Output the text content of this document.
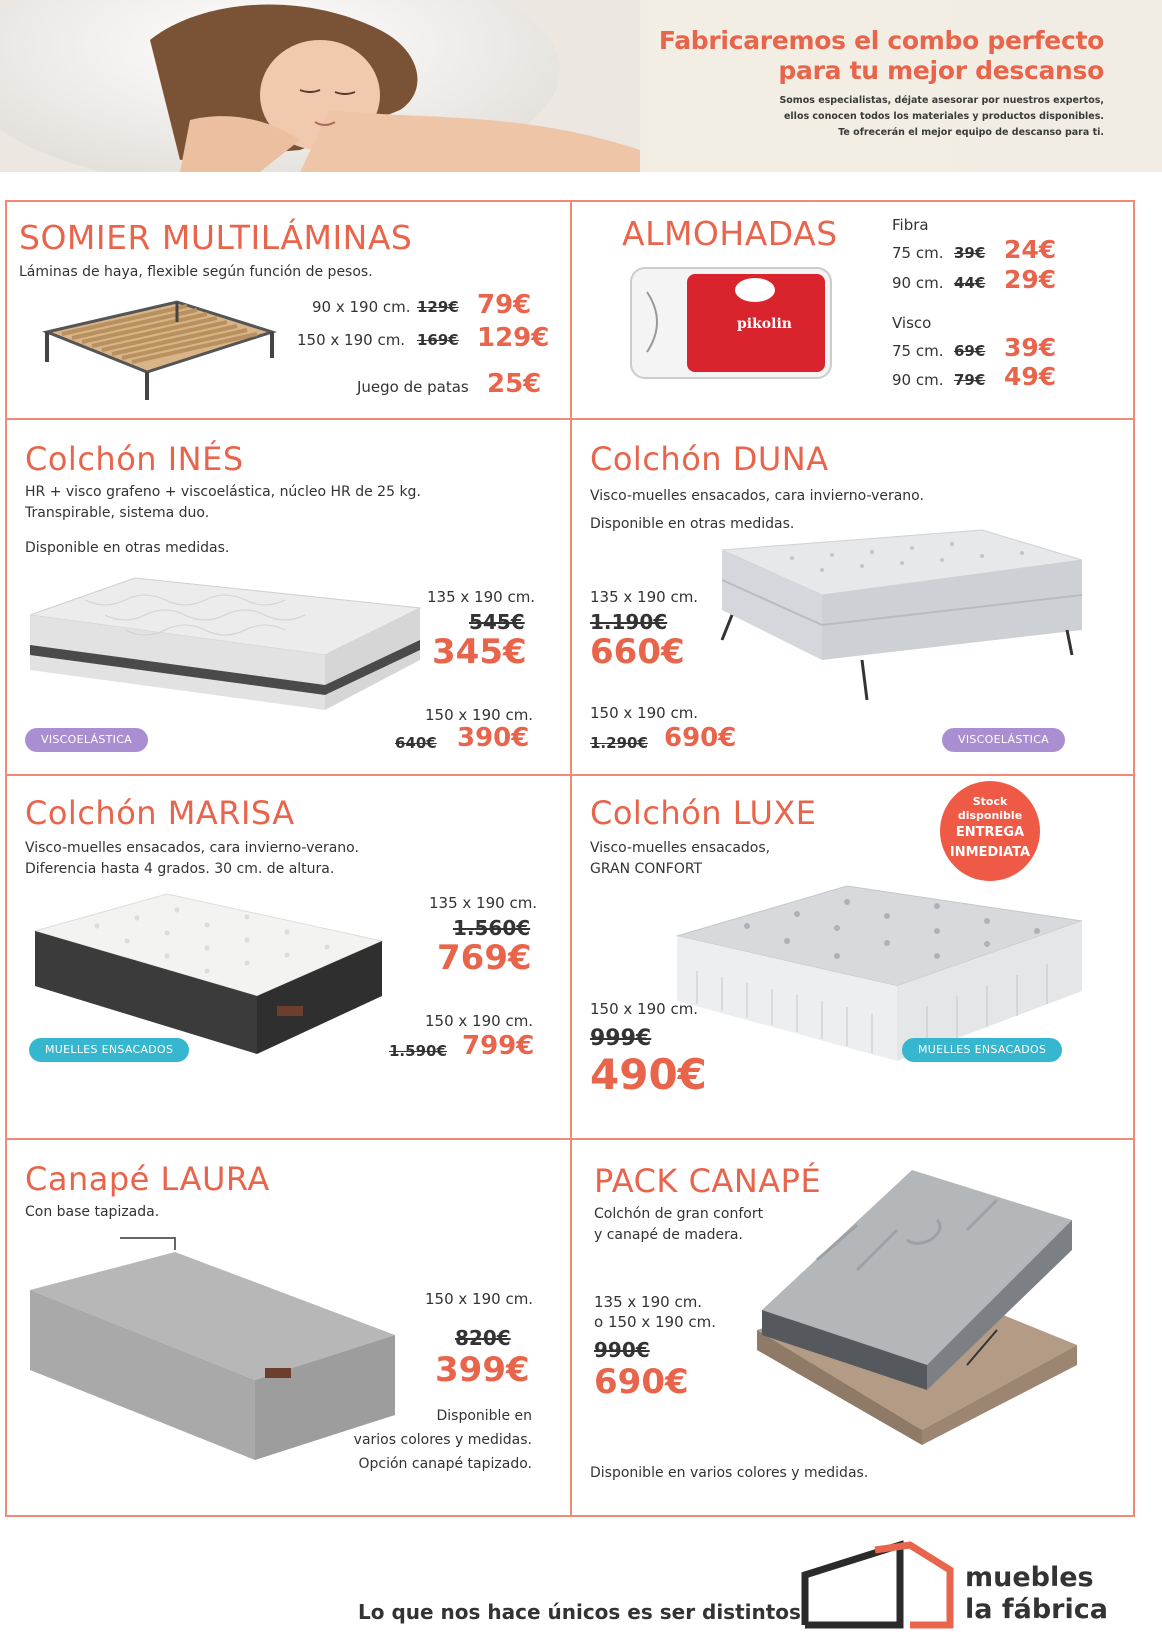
Fabricaremos el combo perfecto
para tu mejor descanso
Somos especialistas, déjate asesorar por nuestros expertos,
ellos conocen todos los materiales y productos disponibles.
Te ofrecerán el mejor equipo de descanso para ti.
SOMIER MULTILÁMINAS
Láminas de haya, flexible según función de pesos.
90 x 190 cm. 129€ 79€
150 x 190 cm. 169€ 129€
Juego de patas 25€
ALMOHADAS
pikolin
Fibra
75 cm. 39€ 24€
90 cm. 44€ 29€
Visco
75 cm. 69€ 39€
90 cm. 79€ 49€
Colchón INÉS
HR + visco grafeno + viscoelástica, núcleo HR de 25 kg.
Transpirable, sistema duo.
Disponible en otras medidas.
135 x 190 cm.
545€
345€
150 x 190 cm.
640€ 390€
VISCOELÁSTICA
Colchón DUNA
Visco-muelles ensacados, cara invierno-verano.
Disponible en otras medidas.
135 x 190 cm.
1.190€
660€
150 x 190 cm.
1.290€ 690€	VISCOELÁSTICA
Colchón MARISA
Visco-muelles ensacados, cara invierno-verano.
Diferencia hasta 4 grados. 30 cm. de altura.
135 x 190 cm.
1.560€
769€
150 x 190 cm.
1.590€ 799€
MUELLES ENSACADOS
Colchón LUXE
Visco-muelles ensacados,
GRAN CONFORT
Stock
disponible
ENTREGA
INMEDIATA
150 x 190 cm.
999€
490€
MUELLES ENSACADOS
Canapé LAURA
Con base tapizada.
150 x 190 cm.
820€
399€
Disponible en
varios colores y medidas.
Opción canapé tapizado.
PACK CANAPÉ
Colchón de gran confort
y canapé de madera.
135 x 190 cm.
o 150 x 190 cm.
990€
690€
Disponible en varios colores y medidas.
Lo que nos hace únicos es ser distintos.
muebles
la fábrica
